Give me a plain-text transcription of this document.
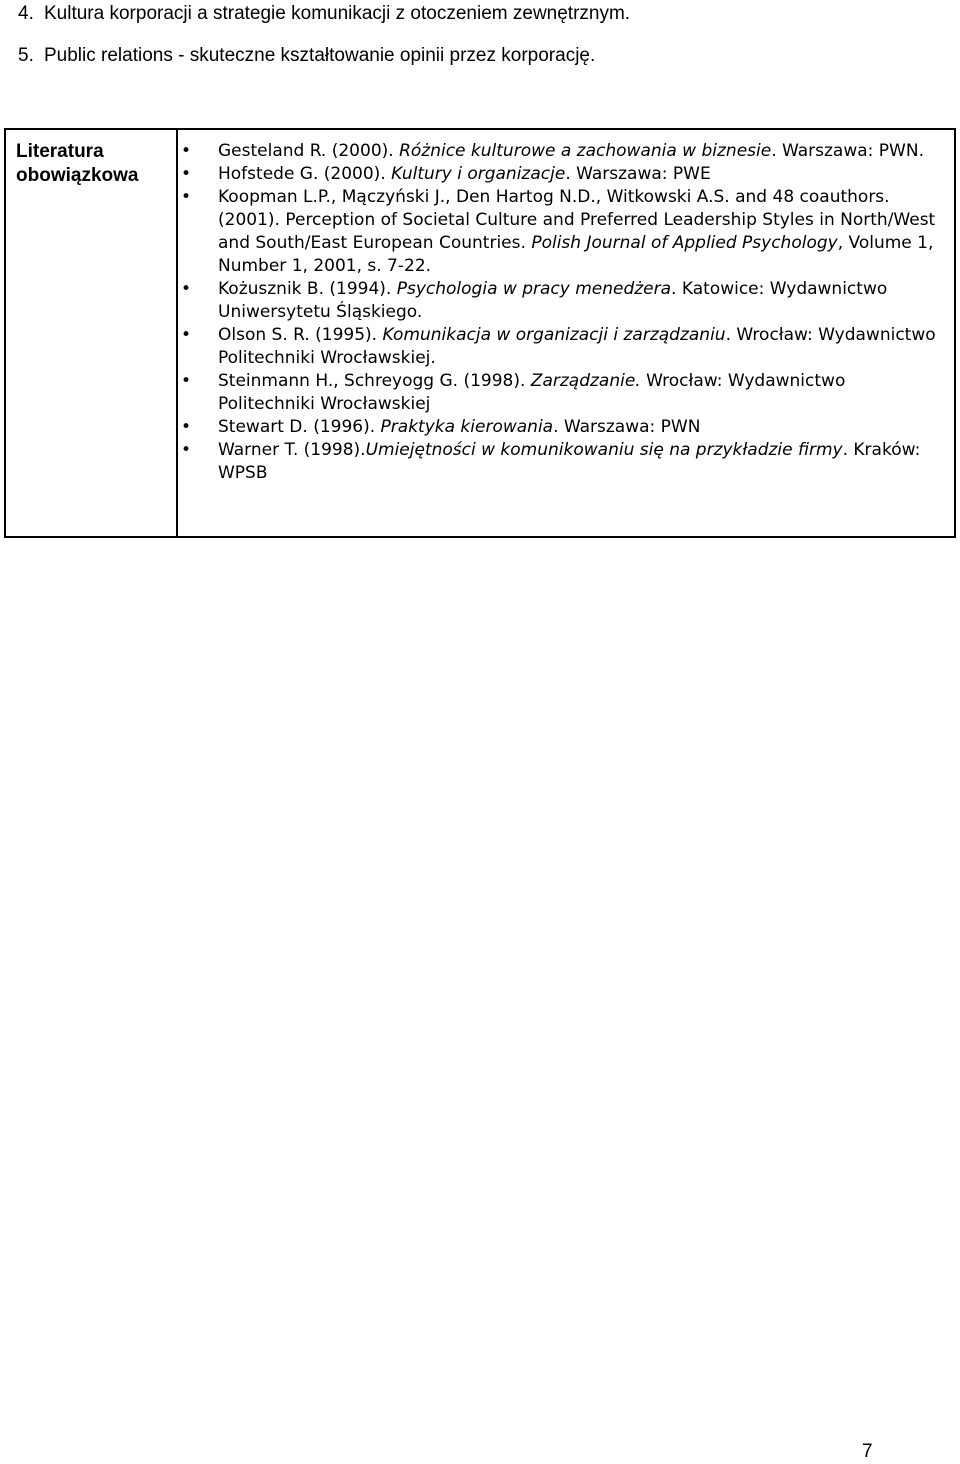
4. Kultura korporacji a strategie komunikacji z otoczeniem zewnętrznym.
5. Public relations - skuteczne kształtowanie opinii przez korporację.
Literatura
obowiązkowa

• Gesteland R. (2000). Różnice kulturowe a zachowania w biznesie. Warszawa: PWN.
• Hofstede G. (2000). Kultury i organizacje. Warszawa: PWE
• Koopman L.P., Mączyński J., Den Hartog N.D., Witkowski A.S. and 48 coauthors. (2001). Perception of Societal Culture and Preferred Leadership Styles in North/West and South/East European Countries. Polish Journal of Applied Psychology, Volume 1, Number 1, 2001, s. 7-22.
• Kożusznik B. (1994). Psychologia w pracy menedżera. Katowice: Wydawnictwo Uniwersytetu Śląskiego.
• Olson S. R. (1995). Komunikacja w organizacji i zarządzaniu. Wrocław: Wydawnictwo Politechniki Wrocławskiej.
• Steinmann H., Schreyogg G. (1998). Zarządzanie. Wrocław: Wydawnictwo Politechniki Wrocławskiej
• Stewart D. (1996). Praktyka kierowania. Warszawa: PWN
• Warner T. (1998).Umiejętności w komunikowaniu się na przykładzie firmy. Kraków: WPSB
7
